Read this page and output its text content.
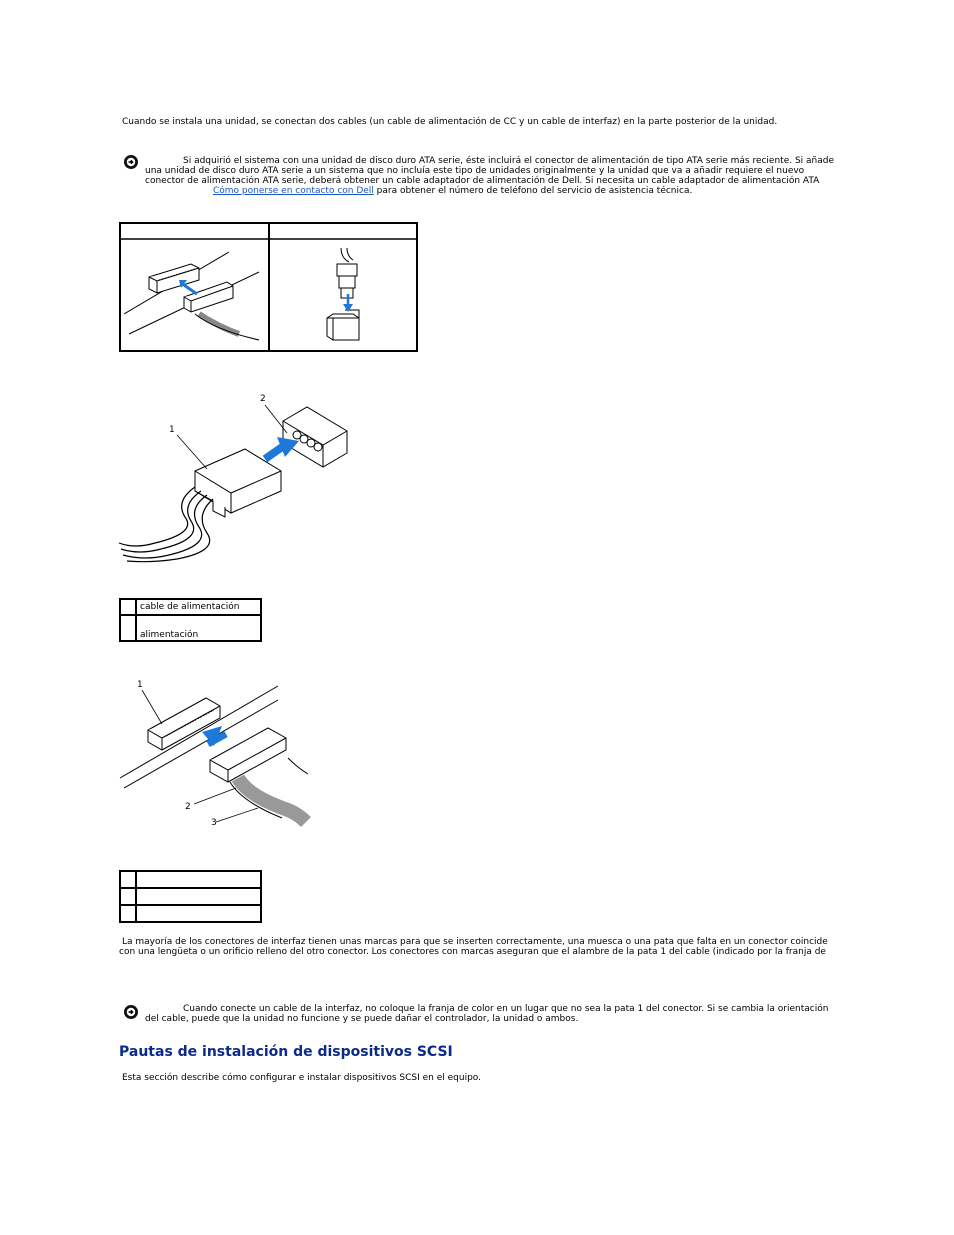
Cuando se instala una unidad, se conectan dos cables (un cable de alimentación de CC y un cable de interfaz) en la parte posterior de la unidad.
Si adquirió el sistema con una unidad de disco duro ATA serie, éste incluirá el conector de alimentación de tipo ATA serie más reciente. Si añade
una unidad de disco duro ATA serie a un sistema que no incluía este tipo de unidades originalmente y la unidad que va a añadir requiere el nuevo
conector de alimentación ATA serie, deberá obtener un cable adaptador de alimentación de Dell. Si necesita un cable adaptador de alimentación ATA
Cómo ponerse en contacto con Dell para obtener el número de teléfono del servicio de asistencia técnica.
2
1
	cable de alimentación
	alimentación
1
2
3

La mayoría de los conectores de interfaz tienen unas marcas para que se inserten correctamente, una muesca o una pata que falta en un conector coincide
con una lengüeta o un orificio relleno del otro conector. Los conectores con marcas aseguran que el alambre de la pata 1 del cable (indicado por la franja de
Cuando conecte un cable de la interfaz, no coloque la franja de color en un lugar que no sea la pata 1 del conector. Si se cambia la orientación
del cable, puede que la unidad no funcione y se puede dañar el controlador, la unidad o ambos.
Pautas de instalación de dispositivos SCSI
Esta sección describe cómo configurar e instalar dispositivos SCSI en el equipo.
